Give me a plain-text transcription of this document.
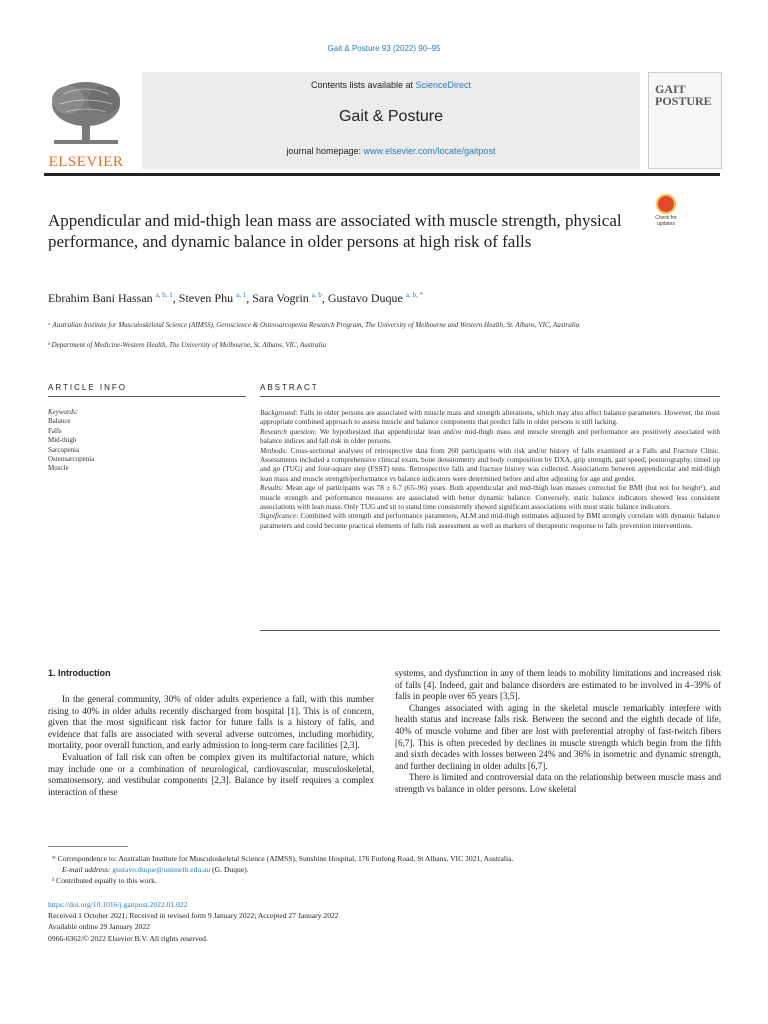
Gait & Posture 93 (2022) 90–95
ELSEVIER
Contents lists available at ScienceDirect
Gait & Posture
journal homepage: www.elsevier.com/locate/gaitpost
GAIT
POSTURE
Appendicular and mid-thigh lean mass are associated with muscle strength, physical performance, and dynamic balance in older persons at high risk of falls
Check for
updates
Ebrahim Bani Hassan $^{a, b, 1}$, Steven Phu $^{a, 1}$, Sara Vogrin $^{a, b}$, Gustavo Duque $^{a, b, *}$
ᵃ Australian Institute for Musculoskeletal Science (AIMSS), Geroscience & Osteosarcopenia Research Program, The University of Melbourne and Western Health, St. Albans, VIC, Australia
ᵇ Department of Medicine-Western Health, The University of Melbourne, St. Albans, VIC, Australia
ARTICLE INFO	ABSTRACT
Keywords:
Balance
Falls
Mid-thigh
Sarcopenia
Osteosarcopenia
Muscle
Background: Falls in older persons are associated with muscle mass and strength alterations, which may also affect balance parameters. However, the most appropriate combined approach to assess muscle and balance components that predict falls in older persons is still lacking.
Research question: We hypothesized that appendicular lean and/or mid-thigh mass and muscle strength and performance are positively associated with balance indices and fall risk in older persons.
Methods: Cross-sectional analyses of retrospective data from 260 participants with risk and/or history of falls examined at a Falls and Fracture Clinic. Assessments included a comprehensive clinical exam, bone densitometry and body composition by DXA, grip strength, gait speed, posturography, timed up and go (TUG) and four-square step (FSST) tests. Retrospective falls and fracture history was collected. Associations between appendicular and mid-thigh lean mass and muscle strength/performance vs balance indicators were determined before and after adjusting for age and gender.
Results: Mean age of participants was 78 ± 6.7 (65–96) years. Both appendicular and mid-thigh lean masses corrected for BMI (but not for height²), and muscle strength and performance measures are associated with better dynamic balance. Conversely, static balance indicators showed less consistent associations with lean mass. Only TUG and sit to stand time consistently showed significant associations with most static balance indicators.
Significance: Combined with strength and performance parameters, ALM and mid-thigh estimates adjusted by BMI strongly correlate with dynamic balance parameters and could become practical elements of falls risk assessment as well as markers of therapeutic response to falls prevention interventions.
1. Introduction

In the general community, 30% of older adults experience a fall, with this number rising to 40% in older adults recently discharged from hospital [1]. This is of concern, given that the most significant risk factor for future falls is a history of falls, and evidence that falls are associated with several adverse outcomes, including morbidity, mortality, poor overall function, and early admission to long-term care facilities [2,3].

Evaluation of fall risk can often be complex given its multifactorial nature, which may include one or a combination of neurological, cardiovascular, musculoskeletal, somatosensory, and vestibular components [2,3]. Balance by itself requires a complex interaction of these

systems, and dysfunction in any of them leads to mobility limitations and increased risk of falls [4]. Indeed, gait and balance disorders are estimated to be involved in 4–39% of falls in people over 65 years [3,5].

Changes associated with aging in the skeletal muscle remarkably interfere with health status and increase falls risk. Between the second and the eighth decade of life, 40% of muscle volume and fiber are lost with preferential atrophy of fast-twitch fibers [6,7]. This is often preceded by declines in muscle strength which begin from the fifth and sixth decades with losses between 24% and 36% in isometric and dynamic strength, and further declining in older adults [6,7].

There is limited and controversial data on the relationship between muscle mass and strength vs balance in older persons. Low skeletal

* Correspondence to: Australian Institute for Musculoskeletal Science (AIMSS), Sunshine Hospital, 176 Furlong Road, St Albans, VIC 3021, Australia.
E-mail address: gustavo.duque@unimelb.edu.au (G. Duque).
¹ Contributed equally to this work.
https://doi.org/10.1016/j.gaitpost.2022.01.022
Received 1 October 2021; Received in revised form 9 January 2022; Accepted 27 January 2022
Available online 29 January 2022
0966-6362/© 2022 Elsevier B.V. All rights reserved.
